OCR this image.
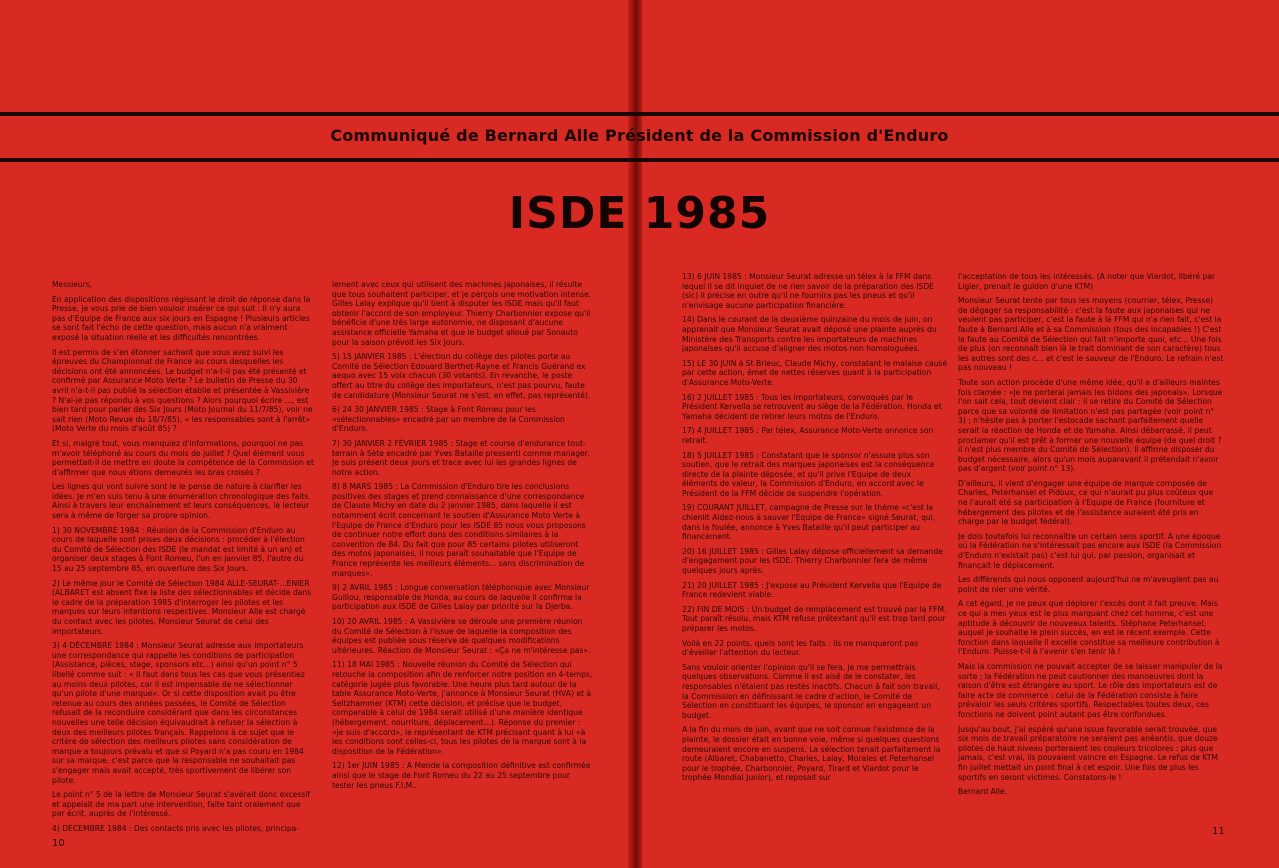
Communiqué de Bernard Alle Président de la Commission d'Enduro
ISDE 1985

Messieurs,

En application des dispositions régissant le droit de réponse dans la Presse, je vous prie de bien vouloir insérer ce qui suit : Il n'y aura pas d'Equipe de France aux six jours en Espagne ! Plusieurs articles se sont fait l'écho de cette question, mais aucun n'a vraiment exposé la situation réelle et les difficultés rencontrées.

Il est permis de s'en étonner sachant que vous avez suivi les épreuves du Championnat de France au cours desquelles les décisions ont été annoncées. Le budget n'a-t-il pas été présenté et confirmé par Assurance Moto Verte ? Le bulletin de Presse du 30 avril n'a-t-il pas publié la sélection établie et présentée à Vassivière ? N'ai-je pas répondu à vos questions ? Alors pourquoi écrire ..., est bien tard pour parler des Six Jours (Moto Journal du 11/7/85), voir ne sait rien (Moto Revue du 18/7/85), « les responsables sont à l'arrêt» (Moto Verte du mois d'août 85) ?

Et si, malgré tout, vous manquiez d'informations, pourquoi ne pas m'avoir téléphoné au cours du mois de juillet ? Quel élément vous permettait-il de mettre en doute la compétence de la Commission et d'affirmer que nous étions demeurés les bras croisés ?

Les lignes qui vont suivre sont le le pense de nature à clarifier les idées. Je m'en suis tenu à une énumération chronologique des faits. Ainsi à travers leur enchaînement et leurs conséquences, le lecteur sera à même de forger sa propre opinion.

1) 30 NOVEMBRE 1984 : Réunion de la Commission d'Enduro au cours de laquelle sont prises deux décisions : procéder à l'élection du Comité de Sélection des ISDE (le mandat est limité à un an) et organiser deux stages à Font Romeu, l'un en janvier 85, l'autre du 15 au 25 septembre 85, en ouverture des Six Jours.

2) Le même jour le Comité de Sélection 1984 ALLE-SEURAT-...ENIER (ALBARET est absent fixe la liste des sélectionnables et décide dans le cadre de la préparation 1985 d'interroger les pilotes et les marques sur leurs intentions respectives. Monsieur Alle est chargé du contact avec les pilotes, Monsieur Seurat de celui des importateurs.

3) 4 DÉCEMBRE 1984 : Monsieur Seurat adresse aux importateurs une correspondance qui rappelle les conditions de participation (Assistance, pièces, stage, sponsors etc...) ainsi qu'un point n° 5 libellé comme suit : « Il faut dans tous les cas que vous présentiez au moins deux pilotes, car il est impensable de ne sélectionner qu'un pilote d'une marque». Or si cette disposition avait pu être retenue au cours des années passées, le Comité de Sélection refusait de la reconduire considérant que dans les circonstances nouvelles une telle décision équivaudrait à refuser la sélection à deux des meilleurs pilotes français. Rappelons à ce sujet que le critère de sélection des meilleurs pilotes sans considération de marque a toujours prévalu et que si Poyard n'a pas couru en 1984 sur sa marque, c'est parce que la responsable ne souhaitait pas s'engager mais avait accepté, très sportivement de libérer son pilote.

Le point n° 5 de la lettre de Monsieur Seurat s'avérait donc excessif et appelait de ma part une intervention, faite tant oralement que par écrit, auprès de l'intéressé.

4) DÉCEMBRE 1984 : Des contacts pris avec les pilotes, principa-

lement avec ceux qui utilisent des machines japonaises, il résulte que tous souhaitent participer, et je perçois une motivation intense. Gilles Lalay explique qu'il tient à disputer les ISDE mais qu'il faut obtenir l'accord de son employeur. Thierry Charbonnier expose qu'il bénéficie d'une très large autonomie, ne disposant d'aucune assistance officielle Yamaha et que le budget alloué par Sonauto pour la saison prévoit les Six Jours.

5) 15 JANVIER 1985 : L'élection du collège des pilotes porte au Comité de Sélection Edouard Berthet-Rayne et Francis Guérand ex aequo avec 15 voix chacun (30 votants). En revanche, le poste offert au titre du collège des importateurs, n'est pas pourvu, faute de candidature (Monsieur Seurat ne s'est, en effet, pas représenté).

6) 24 30 JANVIER 1985 : Stage à Font Romeu pour les «sélectionnables» encadré par un membre de la Commission d'Enduro.

7) 30 JANVIER 2 FÉVRIER 1985 : Stage et course d'endurance tout-terrain à Sète encadré par Yves Bataille pressenti comme manager. Je suis présent deux jours et trace avec lui les grandes lignes de notre action.

8) 8 MARS 1985 : La Commission d'Enduro tire les conclusions positives des stages et prend connaissance d'une correspondance de Claude Michy en date du 2 janvier 1985, dans laquelle il est notamment écrit concernant le soutien d'Assurance Moto Verte à l'Equipe de France d'Enduro pour les ISDE 85 nous vous proposons de continuer notre effort dans des conditions similaires à la convention de 84. Du fait que pour 85 certains pilotes utiliseront des motos japonaises, il nous paraît souhaitable que l'Equipe de France représente les meilleurs éléments... sans discrimination de marques».

9) 2 AVRIL 1985 : Longue conversation téléphonique avec Monsieur Guillou, responsable de Honda, au cours de laquelle il confirme la participation aux ISDE de Gilles Lalay par priorité sur la Djerba.

10) 20 AVRIL 1985 : A Vassivière se déroule une première réunion du Comité de Sélection à l'issue de laquelle la composition des équipes est publiée sous réserve de quelques modifications ultérieures. Réaction de Monsieur Seurat : «Ça ne m'intéresse pas».

11) 18 MAI 1985 : Nouvelle réunion du Comité de Sélection qui retouche la composition afin de renforcer notre position en 4-temps, catégorie jugée plus favorable. Une heure plus tard autour de la table Assurance Moto-Verte, j'annonce à Monsieur Seurat (HVA) et à Seltzhammer (KTM) cette décision, et précise que le budget, comparable à celui de 1984 serait utilisé d'une manière identique (hébergement, nourriture, déplacement...). Réponse du premier : «je suis d'accord», le représentant de KTM précisant quant à lui «à les conditions sont celles-ci, tous les pilotes de la marque sont à la disposition de la Fédération».

12) 1er JUIN 1985 : A Mende la composition définitive est confirmée ainsi que le stage de Font Romeu du 22 au 25 septembre pour tester les pneus F.I.M..

13) 6 JUIN 1985 : Monsieur Seurat adresse un télex à la FFM dans lequel il se dit inquiet de ne rien savoir de la préparation des ISDE (sic) il précise en outre qu'il ne fournira pas les pneus et qu'il n'envisage aucune participation financière.

14) Dans le courant de la deuxième quinzaine du mois de juin, on apprenait que Monsieur Seurat avait déposé une plainte auprès du Ministère des Transports contre les importateurs de machines japonaises qu'il accuse d'aligner des motos non homologuées.

15) LE 30 JUIN à St Brieuc, Claude Michy, constatant le malaise causé par cette action, émet de nettes réserves quant à la participation d'Assurance Moto-Verte.

16) 2 JUILLET 1985 : Tous les importateurs, convoqués par le Président Kervella se retrouvent au siège de la Fédération. Honda et Yamaha décident de retirer leurs motos de l'Enduro.

17) 4 JUILLET 1985 : Par télex, Assurance Moto-Verte annonce son retrait.

18) 5 JUILLET 1985 : Constatant que le sponsor n'assure plus son soutien, que le retrait des marques japonaises est la conséquence directe de la plainte déposée, et qu'il prive l'Equipe de deux éléments de valeur, la Commission d'Enduro, en accord avec le Président de la FFM décide de suspendre l'opération.

19) COURANT JUILLET, campagne de Presse sur le thème «c'est la chienlit Aidez-nous à sauver l'Equipe de France» signé Seurat, qui, dans la foulée, annonce à Yves Bataille qu'il peut participer au financement.

20) 16 JUILLET 1985 : Gilles Lalay dépose officiellement sa demande d'engagement pour les ISDE. Thierry Charbonnier fera de même quelques jours après.

21) 20 JUILLET 1985 : J'expose au Président Kervella que l'Equipe de France redevient viable.

22) FIN DE MOIS : Un budget de remplacement est trouvé par la FFM. Tout paraît résolu, mais KTM refuse prétextant qu'il est trop tard pour préparer les motos.

Voilà en 22 points, quels sont les faits : ils ne manqueront pas d'éveiller l'attention du lecteur.

Sans vouloir orienter l'opinion qu'il se fera, je me permettrais quelques observations. Comme il est aisé de le constater, les responsables n'étaient pas restés inactifs. Chacun à fait son travail, la Commission en définissant le cadre d'action, le Comité de Sélection en constituant les équipes, le sponsor en engageant un budget.

A la fin du mois de juin, avant que ne soit connue l'existence de la plainte, le dossier était en bonne voie, même si quelques questions demeuraient encore en suspens. La sélection tenait parfaitement la route (Albaret, Chabanetto, Charles, Lalay, Morales et Peterhansel pour le trophée, Charbonnier, Poyard, Tirard et Viardot pour le trophée Mondial Junior), et reposait sur

l'acceptation de tous les intéressés. (A noter que Viardot, libéré par Ligier, prenait le guidon d'une KTM)

Monsieur Seurat tente par tous les moyens (courrier, télex, Presse) de dégager sa responsabilité : c'est la faute aux japonaises qui ne veulent pas participer, c'est la faute à la FFM qui n'a rien fait, c'est la faute à Bernard Alle et à sa Commission (tous des incapables !) C'est la faute au Comité de Sélection qui fait n'importe quoi, etc... Une fois de plus (on reconnaît bien là le trait dominant de son caractère) tous les autres sont des c... et c'est le sauveur de l'Enduro. Le refrain n'est pas nouveau !

Toute son action procède d'une même idée, qu'il a d'ailleurs maintes fois clamée : «Je ne porterai jamais les bidons des japonais». Lorsque l'on sait cela, tout devient clair : il se retire du Comité de Sélection parce que sa volonté de limitation n'est pas partagée (voir point n° 3) ; n'hésite pas à porter l'estocade sachant parfaitement quelle serait la réaction de Honda et de Yamaha. Ainsi débarrassé, il peut proclamer qu'il est prêt à former une nouvelle équipe (de quel droit ? il n'est plus membre du Comité de Sélection). Il affirme disposer du budget nécessaire, alors qu'un mois auparavant il prétendait n'avoir pas d'argent (voir point n° 13).

D'ailleurs, il vient d'engager une équipe de marque composée de Charles, Peterhansel et Pidoux, ce qui n'aurait pu plus coûteux que ne l'aurait été sa participation à l'Equipe de France (fourniture et hébergement des pilotes et de l'assistance auraient été pris en charge par le budget fédéral).

Je dois toutefois lui reconnaître un certain sens sportif. A une époque où la Fédération ne s'intéressait pas encore aux ISDE (la Commission d'Enduro n'existait pas) c'est lui qui, par passion, organisait et finançait le déplacement.

Les différends qui nous opposent aujourd'hui ne m'aveuglent pas au point de nier une vérité.

A cet égard, je ne peux que déplorer l'excès dont il fait preuve. Mais ce qui a mes yeux est le plus marquant chez cet homme, c'est une aptitude à découvrir de nouveaux talents. Stéphane Peterhansel, auquel je souhaite le plein succès, en est le récent exemple. Cette fonction dans laquelle il excelle constitue sa meilleure contribution à l'Enduro. Puisse-t-il à l'avenir s'en tenir là !

Mais la commission ne pouvait accepter de se laisser manipuler de la sorte ; la Fédération ne peut cautionner des manoeuvres dont la raison d'être est étrangère au sport. Le rôle des importateurs est de faire acte de commerce : celui de la Fédération consiste à faire prévaloir les seuls critères sportifs. Respectables toutes deux, ces fonctions ne doivent point autant pas être confondues.

Jusqu'au bout, j'ai espéré qu'une issue favorable serait trouvée, que six mois de travail préparatoire ne seraient pas anéantis, que douze pilotes de haut niveau porteraient les couleurs tricolores : plus que jamais, c'est vrai, ils pouvaient vaincre en Espagne. Le refus de KTM fin juillet mettait un point final à cet espoir. Une fois de plus les sportifs en seront victimes. Constatons-le !

Bernard Alle.

10
11
